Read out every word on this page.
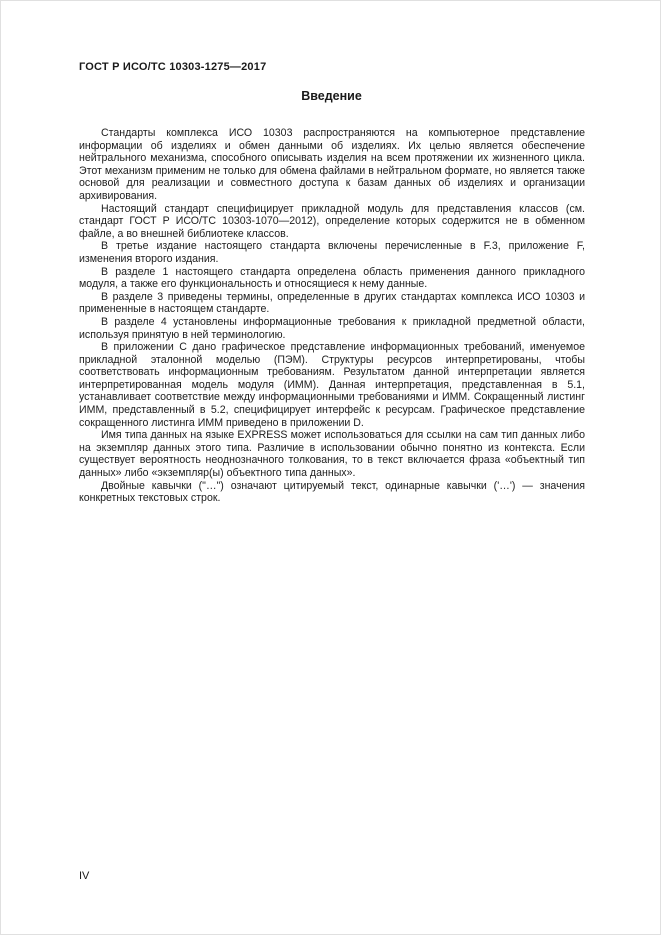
ГОСТ Р ИСО/ТС 10303-1275—2017
Введение

Стандарты комплекса ИСО 10303 распространяются на компьютерное представление информации об изделиях и обмен данными об изделиях. Их целью является обеспечение нейтрального механизма, способного описывать изделия на всем протяжении их жизненного цикла. Этот механизм применим не только для обмена файлами в нейтральном формате, но является также основой для реализации и совместного доступа к базам данных об изделиях и организации архивирования.

Настоящий стандарт специфицирует прикладной модуль для представления классов (см. стандарт ГОСТ Р ИСО/ТС 10303-1070—2012), определение которых содержится не в обменном файле, а во внешней библиотеке классов.

В третье издание настоящего стандарта включены перечисленные в F.3, приложение F, изменения второго издания.

В разделе 1 настоящего стандарта определена область применения данного прикладного модуля, а также его функциональность и относящиеся к нему данные.

В разделе 3 приведены термины, определенные в других стандартах комплекса ИСО 10303 и примененные в настоящем стандарте.

В разделе 4 установлены информационные требования к прикладной предметной области, используя принятую в ней терминологию.

В приложении С дано графическое представление информационных требований, именуемое прикладной эталонной моделью (ПЭМ). Структуры ресурсов интерпретированы, чтобы соответствовать информационным требованиям. Результатом данной интерпретации является интерпретированная модель модуля (ИММ). Данная интерпретация, представленная в 5.1, устанавливает соответствие между информационными требованиями и ИММ. Сокращенный листинг ИММ, представленный в 5.2, специфицирует интерфейс к ресурсам. Графическое представление сокращенного листинга ИММ приведено в приложении D.

Имя типа данных на языке EXPRESS может использоваться для ссылки на сам тип данных либо на экземпляр данных этого типа. Различие в использовании обычно понятно из контекста. Если существует вероятность неоднозначного толкования, то в текст включается фраза «объектный тип данных» либо «экземпляр(ы) объектного типа данных».

Двойные кавычки ("…") означают цитируемый текст, одинарные кавычки ('…') — значения конкретных текстовых строк.

IV
